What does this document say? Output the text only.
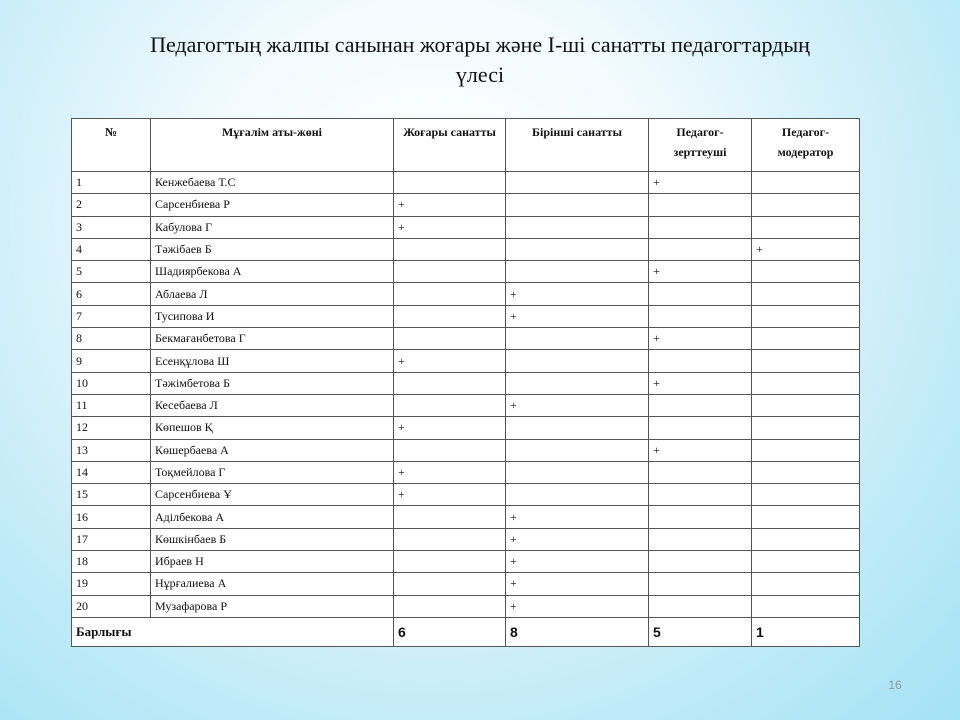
Педагогтың жалпы санынан жоғары және І-ші санатты педагогтардың
үлесі
№	Мұғалім аты-жөні	Жоғары санатты	Бірінші санатты	Педагог-зерттеуші	Педагог-модератор
1	Кенжебаева Т.С			+	
2	Сарсенбиева Р	+			
3	Кабулова Г	+			
4	Тәжібаев Б				+
5	Шадиярбекова А			+	
6	Аблаева Л		+		
7	Тусипова И		+		
8	Бекмағанбетова Г			+	
9	Есенқұлова Ш	+			
10	Тәжімбетова Б			+	
11	Кесебаева Л		+		
12	Көпешов Қ	+			
13	Көшербаева А			+	
14	Тоқмейлова Г	+			
15	Сарсенбиева Ұ	+			
16	Аділбекова А		+		
17	Көшкінбаев Б		+		
18	Ибраев Н		+		
19	Нұрғалиева А		+		
20	Музафарова Р		+		
Барлығы		6	8	5	1
16
